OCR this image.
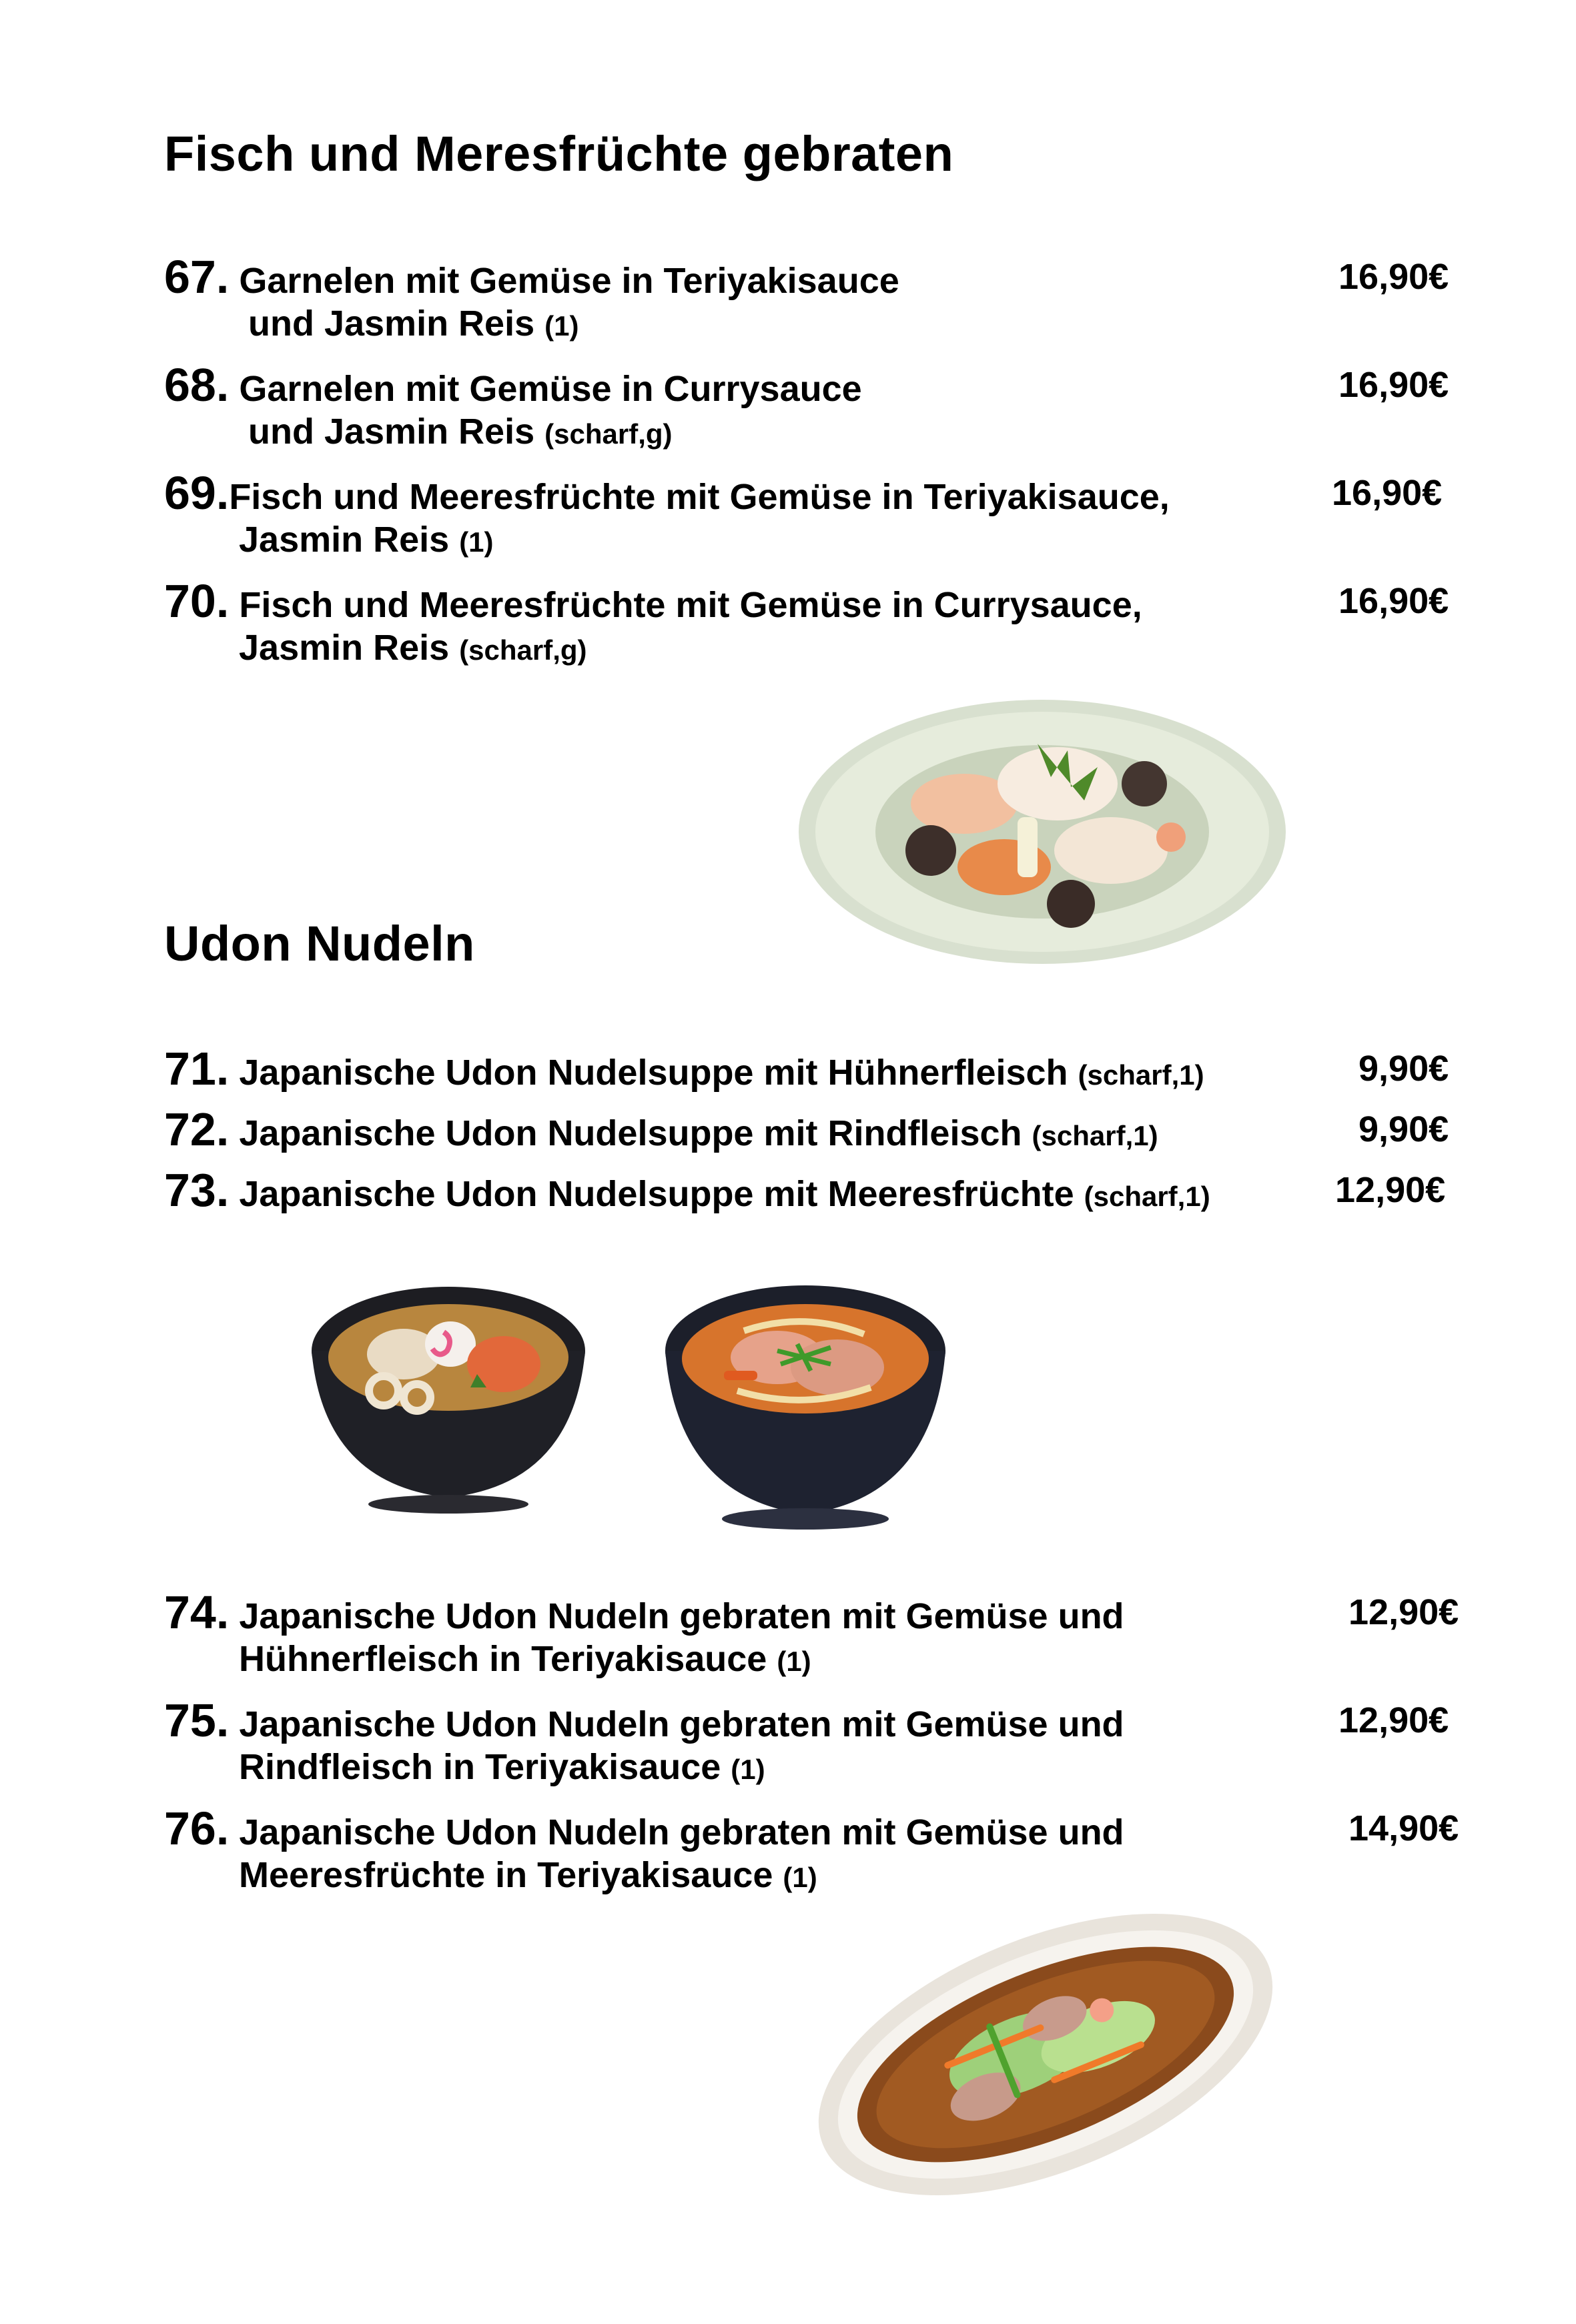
Fisch und Meresfrüchte gebraten
67. Garnelen mit Gemüse in Teriyakisauce
und Jasmin Reis (1)
16,90€
68. Garnelen mit Gemüse in Currysauce
und Jasmin Reis (scharf,g)
16,90€
69.Fisch und Meeresfrüchte mit Gemüse in Teriyakisauce,
Jasmin Reis (1)
16,90€
70. Fisch und Meeresfrüchte mit Gemüse in Currysauce,
Jasmin Reis (scharf,g)
16,90€
Udon Nudeln
71. Japanische Udon Nudelsuppe mit Hühnerfleisch (scharf,1)	9,90€
72. Japanische Udon Nudelsuppe mit Rindfleisch (scharf,1)	9,90€
73. Japanische Udon Nudelsuppe mit Meeresfrüchte (scharf,1)	12,90€
74. Japanische Udon Nudeln gebraten mit Gemüse und
Hühnerfleisch in Teriyakisauce (1)
12,90€
75. Japanische Udon Nudeln gebraten mit Gemüse und
Rindfleisch in Teriyakisauce (1)
12,90€
76. Japanische Udon Nudeln gebraten mit Gemüse und
Meeresfrüchte in Teriyakisauce (1)
14,90€
